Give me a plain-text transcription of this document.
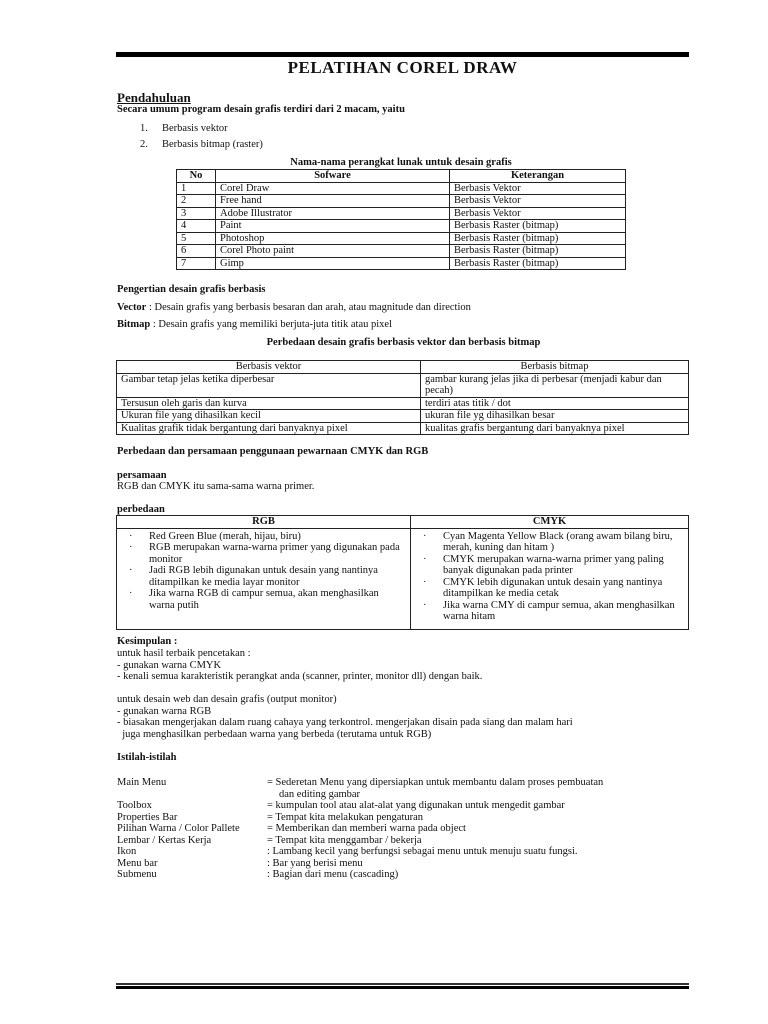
PELATIHAN COREL DRAW
Pendahuluan
Secara umum program desain grafis terdiri dari 2 macam, yaitu
1. Berbasis vektor
2. Berbasis bitmap (raster)
Nama-nama perangkat lunak untuk desain grafis
No	Sofware	Keterangan
1	Corel Draw	Berbasis Vektor
2	Free hand	Berbasis Vektor
3	Adobe Illustrator	Berbasis Vektor
4	Paint	Berbasis Raster (bitmap)
5	Photoshop	Berbasis Raster (bitmap)
6	Corel Photo paint	Berbasis Raster (bitmap)
7	Gimp	Berbasis Raster (bitmap)
Pengertian desain grafis berbasis
Vector : Desain grafis yang berbasis besaran dan arah, atau magnitude dan direction
Bitmap : Desain grafis yang memiliki berjuta-juta titik atau pixel
Perbedaan desain grafis berbasis vektor dan berbasis bitmap
Berbasis vektor	Berbasis bitmap
Gambar tetap jelas ketika diperbesar	gambar kurang jelas jika di perbesar (menjadi kabur dan pecah)
Tersusun oleh garis dan kurva	terdiri atas titik / dot
Ukuran file yang dihasilkan kecil	ukuran file yg dihasilkan besar
Kualitas grafik tidak bergantung dari banyaknya pixel	kualitas grafis bergantung dari banyaknya pixel
Perbedaan dan persamaan penggunaan pewarnaan CMYK dan RGB
persamaan
RGB dan CMYK itu sama-sama warna primer.
perbedaan
RGB	CMYK

· Red Green Blue (merah, hijau, biru)
· RGB merupakan warna-warna primer yang digunakan pada monitor
· Jadi RGB lebih digunakan untuk desain yang nantinya ditampilkan ke media layar monitor
· Jika warna RGB di campur semua, akan menghasilkan warna putih

· Cyan Magenta Yellow Black (orang awam bilang biru, merah, kuning dan hitam )
· CMYK merupakan warna-warna primer yang paling banyak digunakan pada printer
· CMYK lebih digunakan untuk desain yang nantinya ditampilkan ke media cetak
· Jika warna CMY di campur semua, akan menghasilkan warna hitam
Kesimpulan :
untuk hasil terbaik pencetakan :
- gunakan warna CMYK
- kenali semua karakteristik perangkat anda (scanner, printer, monitor dll) dengan baik.
untuk desain web dan desain grafis (output monitor)
- gunakan warna RGB
- biasakan mengerjakan dalam ruang cahaya yang terkontrol. mengerjakan disain pada siang dan malam hari
juga menghasilkan perbedaan warna yang berbeda (terutama untuk RGB)
Istilah-istilah
Main Menu	= Sederetan Menu yang dipersiapkan untuk membantu dalam proses pembuatan
dan editing gambar
Toolbox	= kumpulan tool atau alat-alat yang digunakan untuk mengedit gambar
Properties Bar	= Tempat kita melakukan pengaturan
Pilihan Warna / Color Pallete	= Memberikan dan memberi warna pada object
Lembar / Kertas Kerja	= Tempat kita menggambar / bekerja
Ikon	: Lambang kecil yang berfungsi sebagai menu untuk menuju suatu fungsi.
Menu bar	: Bar yang berisi menu
Submenu	: Bagian dari menu (cascading)
